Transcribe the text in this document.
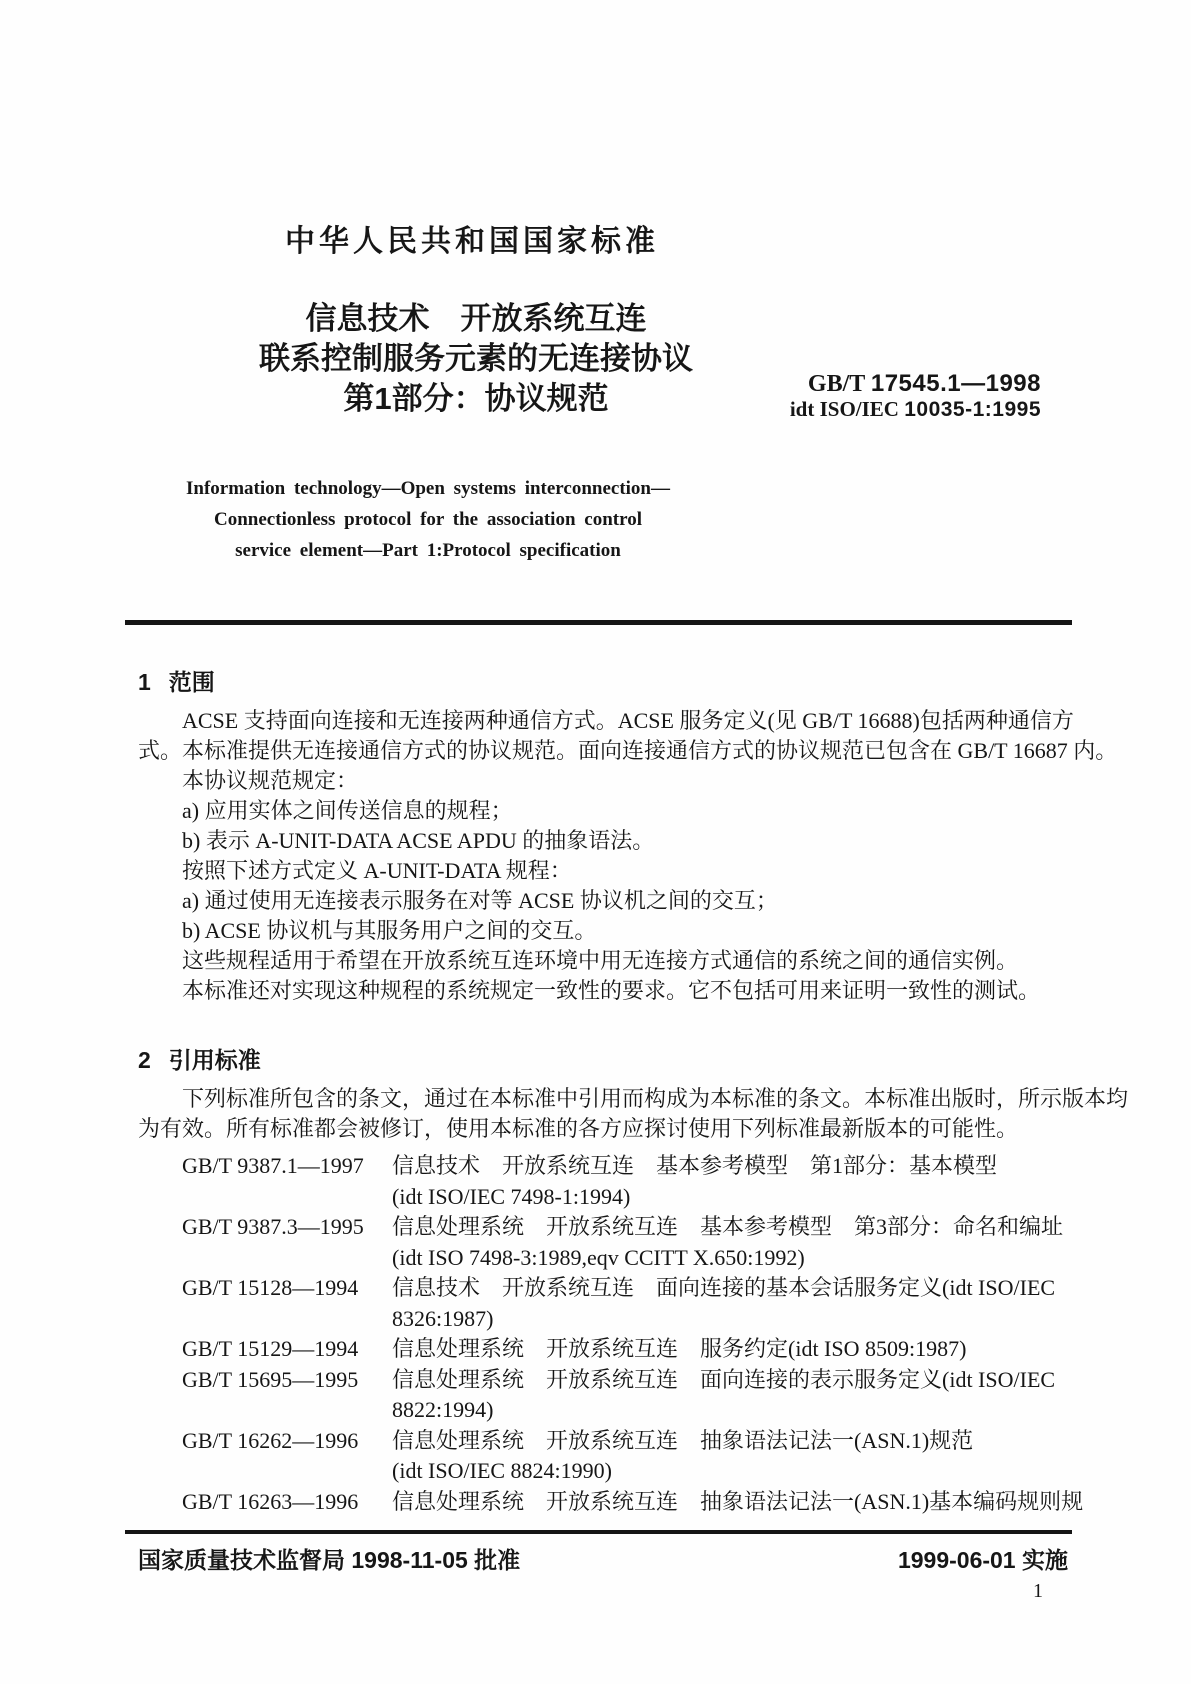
中华人民共和国国家标准
GB/T 17545.1—1998
idt ISO/IEC 10035-1:1995
信息技术　开放系统互连
联系控制服务元素的无连接协议
第1部分：协议规范
Information technology—Open systems interconnection—
Connectionless protocol for the association control
service element—Part 1:Protocol specification
1 范围
ACSE 支持面向连接和无连接两种通信方式。ACSE 服务定义(见 GB/T 16688)包括两种通信方
式。本标准提供无连接通信方式的协议规范。面向连接通信方式的协议规范已包含在 GB/T 16687 内。
本协议规范规定：
a) 应用实体之间传送信息的规程；
b) 表示 A-UNIT-DATA ACSE APDU 的抽象语法。
按照下述方式定义 A-UNIT-DATA 规程：
a) 通过使用无连接表示服务在对等 ACSE 协议机之间的交互；
b) ACSE 协议机与其服务用户之间的交互。
这些规程适用于希望在开放系统互连环境中用无连接方式通信的系统之间的通信实例。
本标准还对实现这种规程的系统规定一致性的要求。它不包括可用来证明一致性的测试。
2 引用标准
下列标准所包含的条文，通过在本标准中引用而构成为本标准的条文。本标准出版时，所示版本均
为有效。所有标准都会被修订，使用本标准的各方应探讨使用下列标准最新版本的可能性。
GB/T 9387.1—1997	信息技术　开放系统互连　基本参考模型　第1部分：基本模型
(idt ISO/IEC 7498-1:1994)
GB/T 9387.3—1995	信息处理系统　开放系统互连　基本参考模型　第3部分：命名和编址
(idt ISO 7498-3:1989,eqv CCITT X.650:1992)
GB/T 15128—1994	信息技术　开放系统互连　面向连接的基本会话服务定义(idt ISO/IEC
8326:1987)
GB/T 15129—1994	信息处理系统　开放系统互连　服务约定(idt ISO 8509:1987)
GB/T 15695—1995	信息处理系统　开放系统互连　面向连接的表示服务定义(idt ISO/IEC
8822:1994)
GB/T 16262—1996	信息处理系统　开放系统互连　抽象语法记法一(ASN.1)规范
(idt ISO/IEC 8824:1990)
GB/T 16263—1996	信息处理系统　开放系统互连　抽象语法记法一(ASN.1)基本编码规则规
国家质量技术监督局 1998-11-05 批准	1999-06-01 实施
1
